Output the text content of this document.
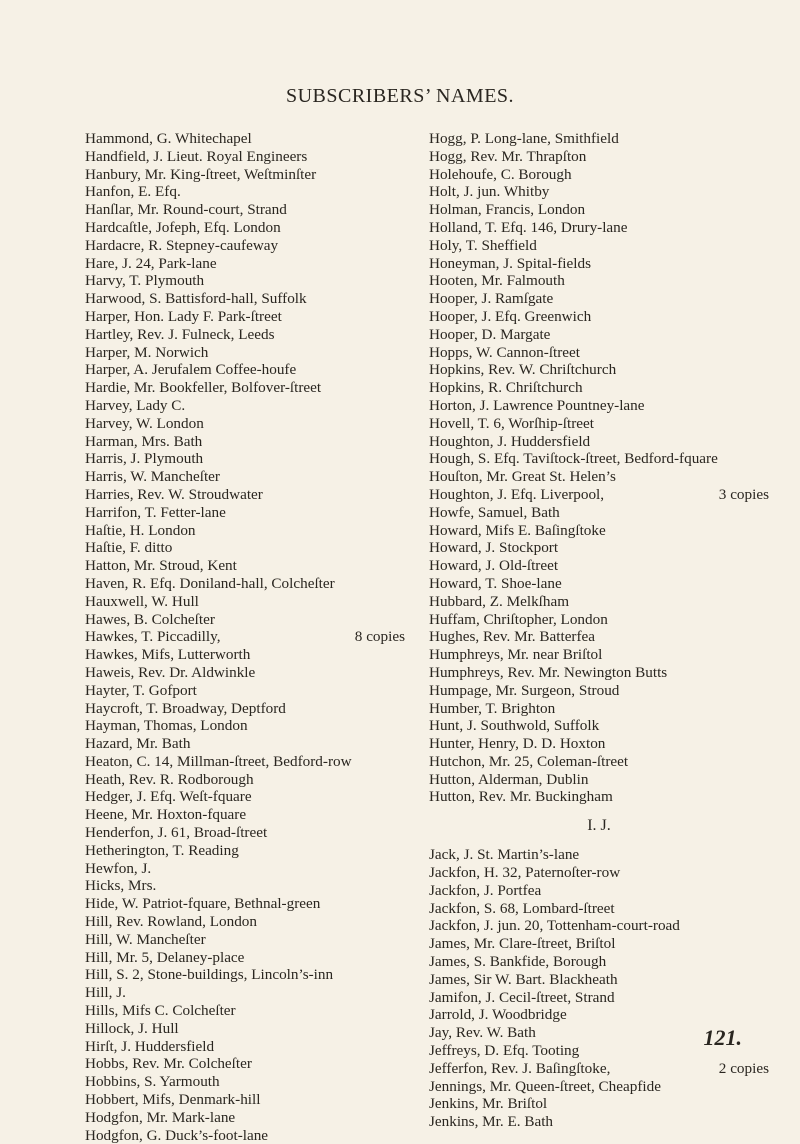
SUBSCRIBERS’ NAMES.
Hammond, G. Whitechapel
Handfield, J. Lieut. Royal Engineers
Hanbury, Mr. King-ſtreet, Weſtminſter
Hanfon, E. Efq.
Hanſlar, Mr. Round-court, Strand
Hardcaſtle, Jofeph, Efq. London
Hardacre, R. Stepney-caufeway
Hare, J. 24, Park-lane
Harvy, T. Plymouth
Harwood, S. Battisford-hall, Suffolk
Harper, Hon. Lady F. Park-ſtreet
Hartley, Rev. J. Fulneck, Leeds
Harper, M. Norwich
Harper, A. Jerufalem Coffee-houfe
Hardie, Mr. Bookfeller, Bolfover-ſtreet
Harvey, Lady C.
Harvey, W. London
Harman, Mrs. Bath
Harris, J. Plymouth
Harris, W. Mancheſter
Harries, Rev. W. Stroudwater
Harrifon, T. Fetter-lane
Haſtie, H. London
Haſtie, F. ditto
Hatton, Mr. Stroud, Kent
Haven, R. Efq. Doniland-hall, Colcheſter
Hauxwell, W. Hull
Hawes, B. Colcheſter
Hawkes, T. Piccadilly,	8 copies
Hawkes, Mifs, Lutterworth
Haweis, Rev. Dr. Aldwinkle
Hayter, T. Gofport
Haycroft, T. Broadway, Deptford
Hayman, Thomas, London
Hazard, Mr. Bath
Heaton, C. 14, Millman-ſtreet, Bedford-row
Heath, Rev. R. Rodborough
Hedger, J. Efq. Weſt-fquare
Heene, Mr. Hoxton-fquare
Henderfon, J. 61, Broad-ſtreet
Hetherington, T. Reading
Hewfon, J.
Hicks, Mrs.
Hide, W. Patriot-fquare, Bethnal-green
Hill, Rev. Rowland, London
Hill, W. Mancheſter
Hill, Mr. 5, Delaney-place
Hill, S. 2, Stone-buildings, Lincoln’s-inn
Hill, J.
Hills, Mifs C. Colcheſter
Hillock, J. Hull
Hirſt, J. Huddersfield
Hobbs, Rev. Mr. Colcheſter
Hobbins, S. Yarmouth
Hobbert, Mifs, Denmark-hill
Hodgfon, Mr. Mark-lane
Hodgfon, G. Duck’s-foot-lane
Hogg, P. Long-lane, Smithfield
Hogg, Rev. Mr. Thrapſton
Holehoufe, C. Borough
Holt, J. jun. Whitby
Holman, Francis, London
Holland, T. Efq. 146, Drury-lane
Holy, T. Sheffield
Honeyman, J. Spital-fields
Hooten, Mr. Falmouth
Hooper, J. Ramſgate
Hooper, J. Efq. Greenwich
Hooper, D. Margate
Hopps, W. Cannon-ſtreet
Hopkins, Rev. W. Chriſtchurch
Hopkins, R. Chriſtchurch
Horton, J. Lawrence Pountney-lane
Hovell, T. 6, Worſhip-ſtreet
Houghton, J. Huddersfield
Hough, S. Efq. Taviſtock-ſtreet, Bedford-fquare
Houſton, Mr. Great St. Helen’s
Houghton, J. Efq. Liverpool,	3 copies
Howfe, Samuel, Bath
Howard, Mifs E. Baſingſtoke
Howard, J. Stockport
Howard, J. Old-ſtreet
Howard, T. Shoe-lane
Hubbard, Z. Melkſham
Huffam, Chriſtopher, London
Hughes, Rev. Mr. Batterfea
Humphreys, Mr. near Briſtol
Humphreys, Rev. Mr. Newington Butts
Humpage, Mr. Surgeon, Stroud
Humber, T. Brighton
Hunt, J. Southwold, Suffolk
Hunter, Henry, D. D. Hoxton
Hutchon, Mr. 25, Coleman-ſtreet
Hutton, Alderman, Dublin
Hutton, Rev. Mr. Buckingham
I. J.
Jack, J. St. Martin’s-lane
Jackfon, H. 32, Paternoſter-row
Jackfon, J. Portfea
Jackfon, S. 68, Lombard-ſtreet
Jackfon, J. jun. 20, Tottenham-court-road
James, Mr. Clare-ſtreet, Briſtol
James, S. Bankfide, Borough
James, Sir W. Bart. Blackheath
Jamifon, J. Cecil-ſtreet, Strand
Jarrold, J. Woodbridge
Jay, Rev. W. Bath
Jeffreys, D. Efq. Tooting
Jefferfon, Rev. J. Baſingſtoke,	2 copies
Jennings, Mr. Queen-ſtreet, Cheapfide
Jenkins, Mr. Briſtol
Jenkins, Mr. E. Bath
121.
